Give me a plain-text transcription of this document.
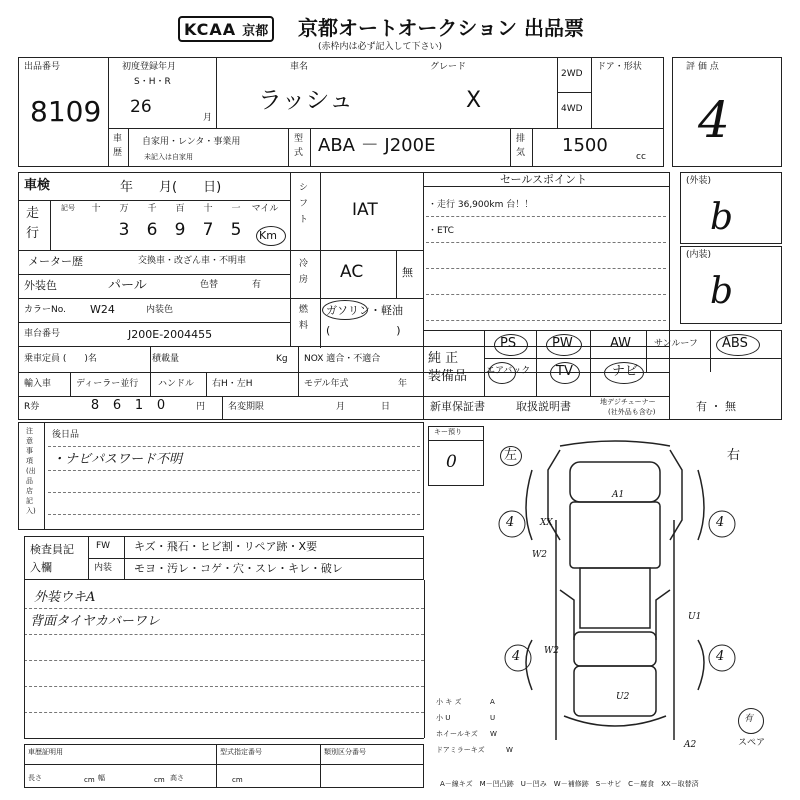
KCAA 京都 京都オートオークション 出品票
(赤枠内は必ず記入して下さい)
出品番号
8109
初度登録年月
S・H・R
26
月
車名
ラッシュ
グレード
X
2WD
4WD
ドア・形状
車歴
自家用・レンタ・事業用
未記入は自家用
型式 ABA － J200E	排気 1500
cc
評 価 点
4
車検	年　　月(　　日)
走行
記号	十	万	千	百	十	一	マイル
3	6	9	7	5	Km
メーター歴	交換車・改ざん車・不明車
外装色	パール	色替	有
カラーNo. W24	内装色
車台番号	J200E-2004455
乗車定員 (　　)名	積載量	Kg NOX 適合・不適合
輸入車	ディーラー並行 ハンドル 右H・左H	モデル年式	年
R券	8	6	1	0	円	名変期限	月　　　　日
シフト	IAT
冷房 AC	無
燃料
ガソリン・軽油
(　　　　　　)
セールスポイント
・走行 36,900km 台！！
・ETC
純 正
装備品
PS	PW	AW	サンルーフ ABS
エアバック TV	ナビ
新車保証書	取扱説明書	地デジチューナー
(社外品も含む)	有 ・ 無
(外装)
b
(内装)
b
注意事項(出品店記入)
後日品
・ナビパスワード不明
検査員記入欄
FW キズ・飛石・ヒビ割・リペア跡・X要
内装 モヨ・汚レ・コゲ・穴・スレ・キレ・破レ
外装ウキA
背面タイヤカバーワレ
キー預り
0	左	右
4	4
4	4
A1
XX
W2
U1
W2
U2
A2
小 キ ズ
小 U
ホイールキズ
ドアミラーキズ
A
U
W
W
有
スペア
車歴証明用	型式指定番号	類別区分番号
長さ	cm 幅	cm 高さ	cm	A－線キズ　M－凹凸跡　U－凹み　W－補修跡　S－サビ　C－腐食　XX－取替済
